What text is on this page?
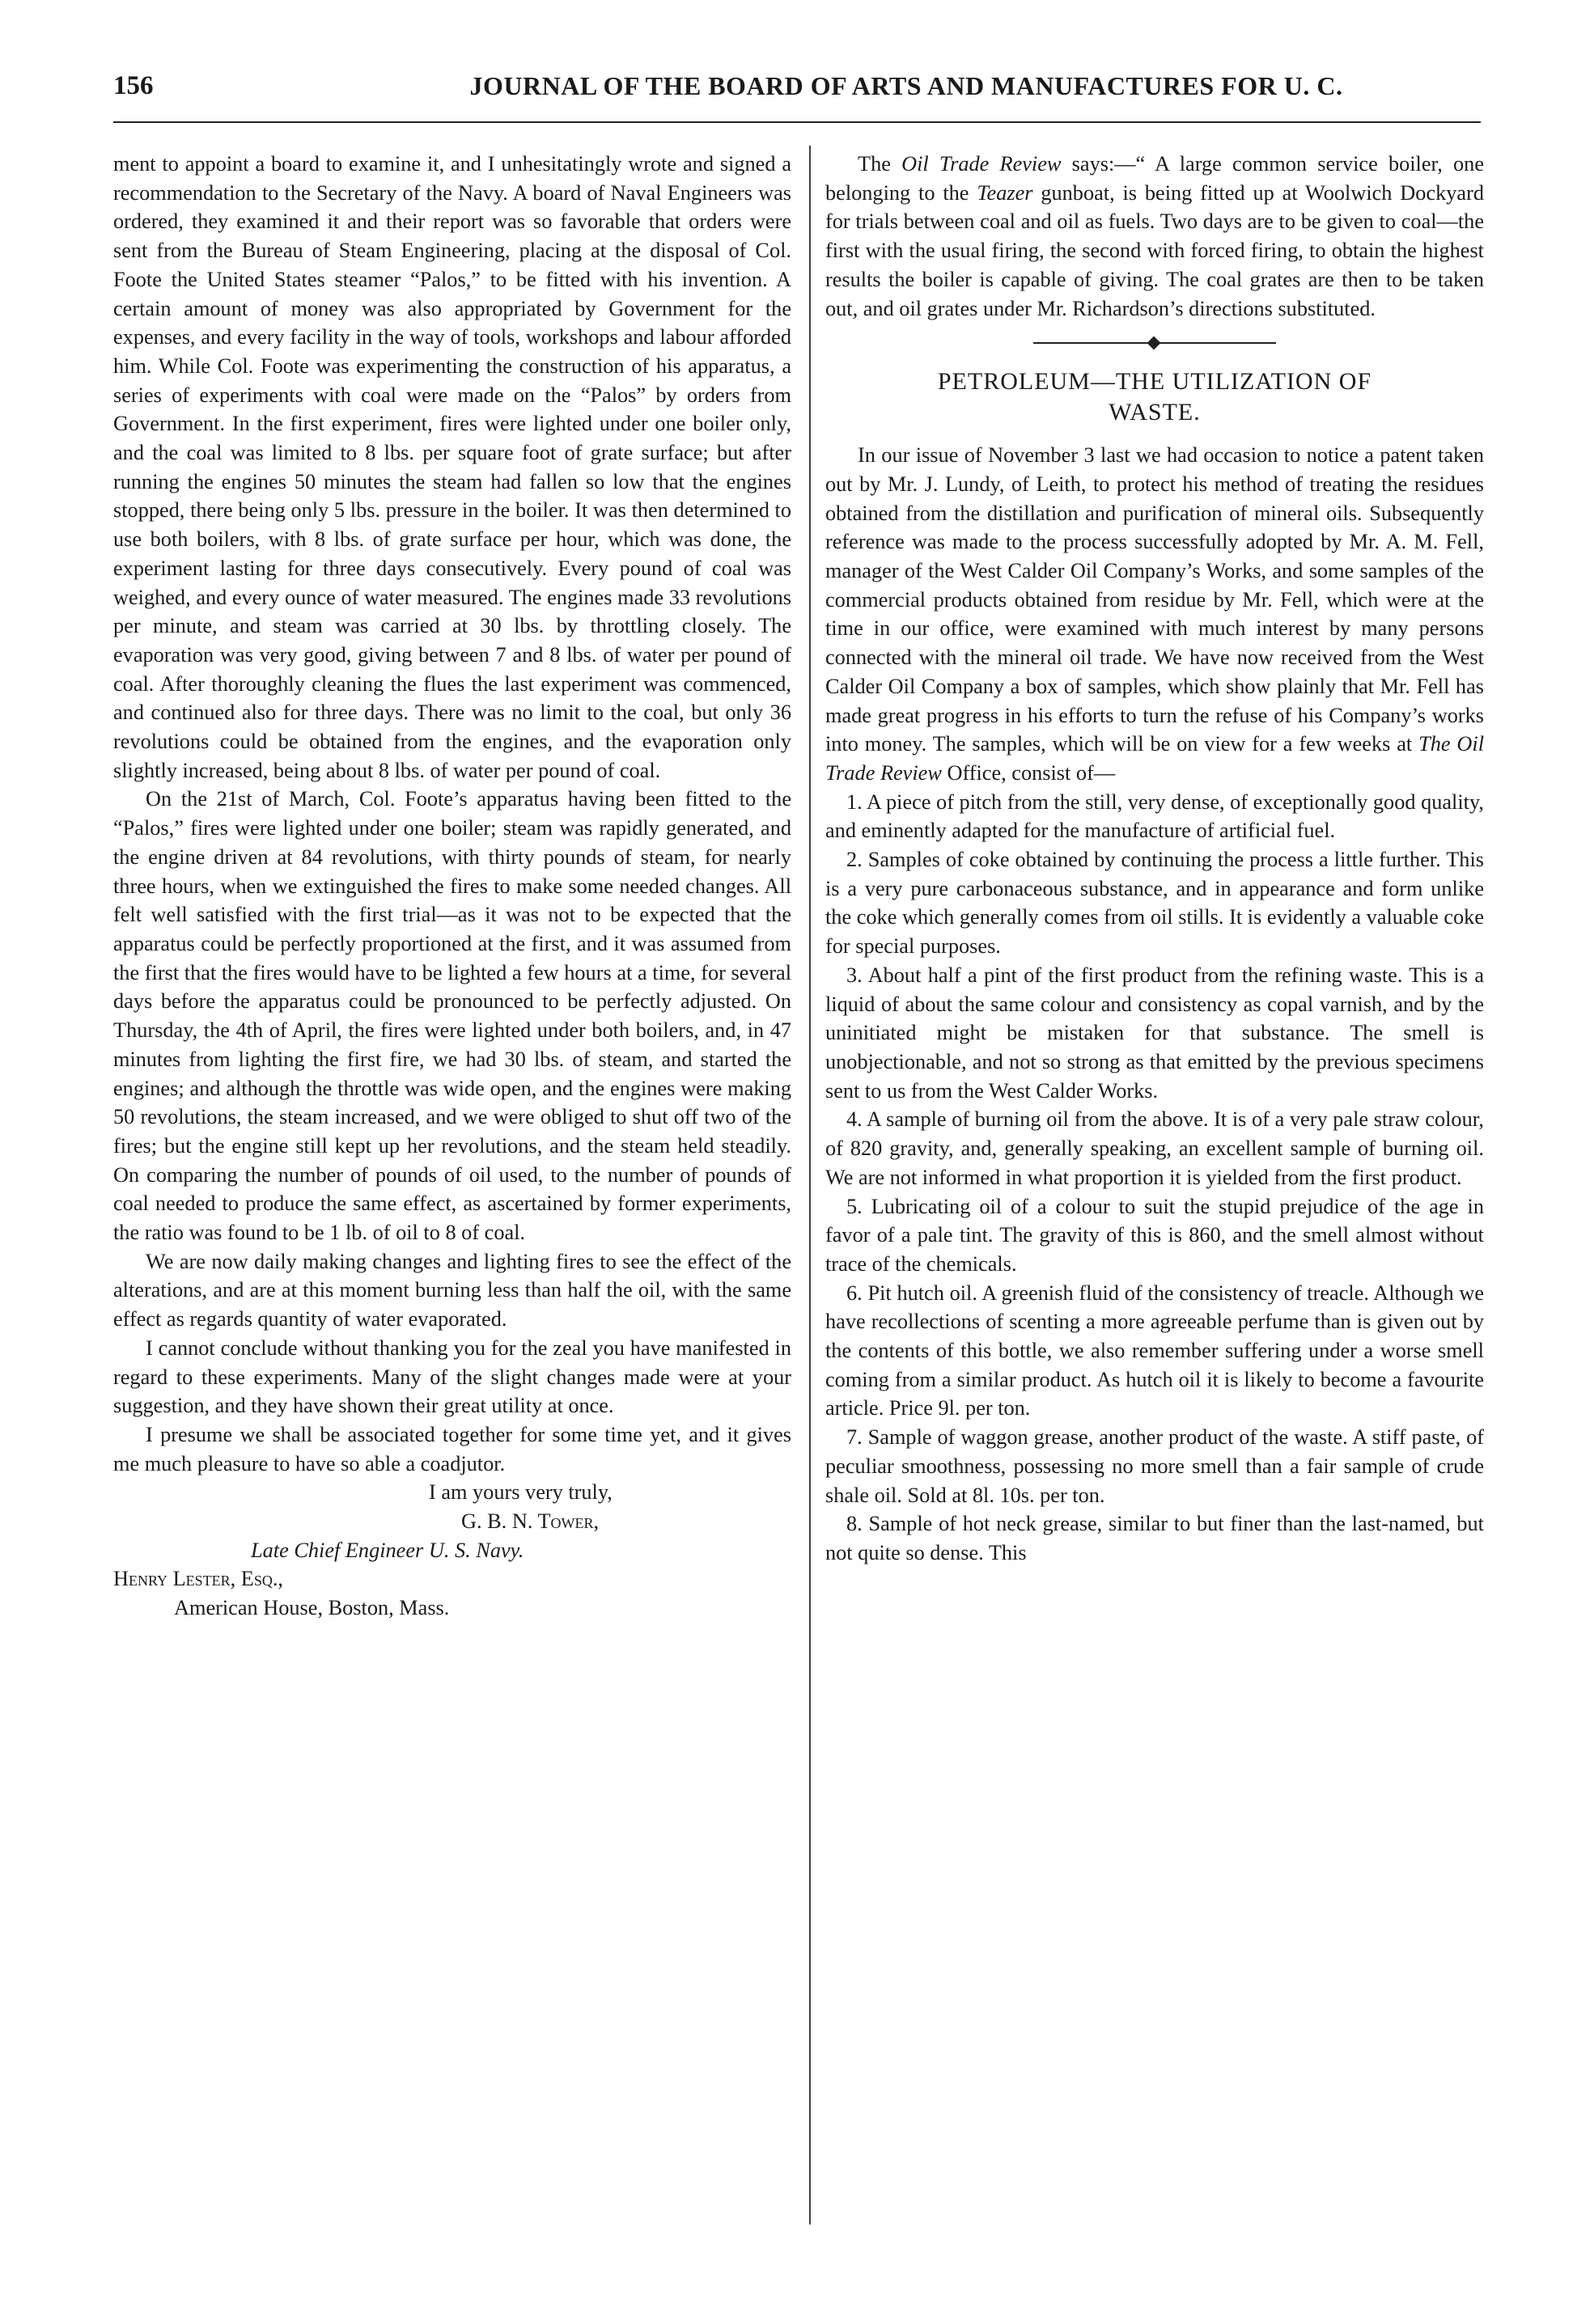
156	JOURNAL OF THE BOARD OF ARTS AND MANUFACTURES FOR U. C.

ment to appoint a board to examine it, and I unhesitatingly wrote and signed a recommendation to the Secretary of the Navy. A board of Naval Engineers was ordered, they examined it and their report was so favorable that orders were sent from the Bureau of Steam Engineering, placing at the disposal of Col. Foote the United States steamer “Palos,” to be fitted with his invention. A certain amount of money was also appropriated by Government for the expenses, and every facility in the way of tools, workshops and labour afforded him. While Col. Foote was experimenting the construction of his apparatus, a series of experiments with coal were made on the “Palos” by orders from Government. In the first experiment, fires were lighted under one boiler only, and the coal was limited to 8 lbs. per square foot of grate surface; but after running the engines 50 minutes the steam had fallen so low that the engines stopped, there being only 5 lbs. pressure in the boiler. It was then determined to use both boilers, with 8 lbs. of grate surface per hour, which was done, the experiment lasting for three days consecutively. Every pound of coal was weighed, and every ounce of water measured. The engines made 33 revolutions per minute, and steam was carried at 30 lbs. by throttling closely. The evaporation was very good, giving between 7 and 8 lbs. of water per pound of coal. After thoroughly cleaning the flues the last experiment was commenced, and continued also for three days. There was no limit to the coal, but only 36 revolutions could be obtained from the engines, and the evaporation only slightly increased, being about 8 lbs. of water per pound of coal.

On the 21st of March, Col. Foote’s apparatus having been fitted to the “Palos,” fires were lighted under one boiler; steam was rapidly generated, and the engine driven at 84 revolutions, with thirty pounds of steam, for nearly three hours, when we extinguished the fires to make some needed changes. All felt well satisfied with the first trial—as it was not to be expected that the apparatus could be perfectly proportioned at the first, and it was assumed from the first that the fires would have to be lighted a few hours at a time, for several days before the apparatus could be pronounced to be perfectly adjusted. On Thursday, the 4th of April, the fires were lighted under both boilers, and, in 47 minutes from lighting the first fire, we had 30 lbs. of steam, and started the engines; and although the throttle was wide open, and the engines were making 50 revolutions, the steam increased, and we were obliged to shut off two of the fires; but the engine still kept up her revolutions, and the steam held steadily. On comparing the number of pounds of oil used, to the number of pounds of coal needed to produce the same effect, as ascertained by former experiments, the ratio was found to be 1 lb. of oil to 8 of coal.

We are now daily making changes and lighting fires to see the effect of the alterations, and are at this moment burning less than half the oil, with the same effect as regards quantity of water evaporated.

I cannot conclude without thanking you for the zeal you have manifested in regard to these experiments. Many of the slight changes made were at your suggestion, and they have shown their great utility at once.

I presume we shall be associated together for some time yet, and it gives me much pleasure to have so able a coadjutor.

I am yours very truly,
G. B. N. Tower,
Late Chief Engineer U. S. Navy.
Henry Lester, Esq.,
American House, Boston, Mass.

The Oil Trade Review says:—“ A large common service boiler, one belonging to the Teazer gunboat, is being fitted up at Woolwich Dockyard for trials between coal and oil as fuels. Two days are to be given to coal—the first with the usual firing, the second with forced firing, to obtain the highest results the boiler is capable of giving. The coal grates are then to be taken out, and oil grates under Mr. Richardson’s directions substituted.

PETROLEUM—THE UTILIZATION OF
WASTE.

In our issue of November 3 last we had occasion to notice a patent taken out by Mr. J. Lundy, of Leith, to protect his method of treating the residues obtained from the distillation and purification of mineral oils. Subsequently reference was made to the process successfully adopted by Mr. A. M. Fell, manager of the West Calder Oil Company’s Works, and some samples of the commercial products obtained from residue by Mr. Fell, which were at the time in our office, were examined with much interest by many persons connected with the mineral oil trade. We have now received from the West Calder Oil Company a box of samples, which show plainly that Mr. Fell has made great progress in his efforts to turn the refuse of his Company’s works into money. The samples, which will be on view for a few weeks at The Oil Trade Review Office, consist of—

1. A piece of pitch from the still, very dense, of exceptionally good quality, and eminently adapted for the manufacture of artificial fuel.

2. Samples of coke obtained by continuing the process a little further. This is a very pure carbonaceous substance, and in appearance and form unlike the coke which generally comes from oil stills. It is evidently a valuable coke for special purposes.

3. About half a pint of the first product from the refining waste. This is a liquid of about the same colour and consistency as copal varnish, and by the uninitiated might be mistaken for that substance. The smell is unobjectionable, and not so strong as that emitted by the previous specimens sent to us from the West Calder Works.

4. A sample of burning oil from the above. It is of a very pale straw colour, of 820 gravity, and, generally speaking, an excellent sample of burning oil. We are not informed in what proportion it is yielded from the first product.

5. Lubricating oil of a colour to suit the stupid prejudice of the age in favor of a pale tint. The gravity of this is 860, and the smell almost without trace of the chemicals.

6. Pit hutch oil. A greenish fluid of the consistency of treacle. Although we have recollections of scenting a more agreeable perfume than is given out by the contents of this bottle, we also remember suffering under a worse smell coming from a similar product. As hutch oil it is likely to become a favourite article. Price 9l. per ton.

7. Sample of waggon grease, another product of the waste. A stiff paste, of peculiar smoothness, possessing no more smell than a fair sample of crude shale oil. Sold at 8l. 10s. per ton.

8. Sample of hot neck grease, similar to but finer than the last-named, but not quite so dense. This
